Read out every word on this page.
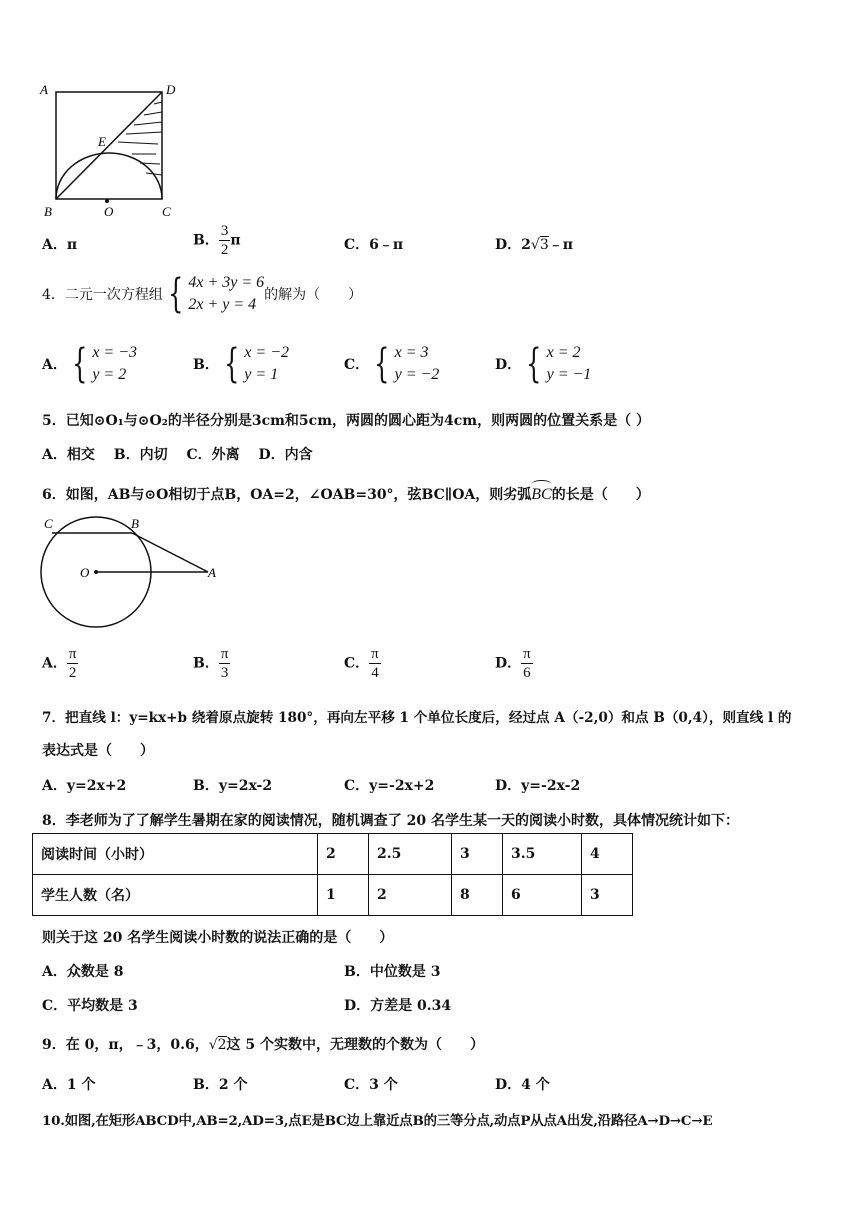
A	D
E
B	O	C
A．π	B． $\frac{3}{2}$ π	C．6﹣π	D．2√3﹣π
4．二元一次方程组 { 4x + 3y = 6
2x + y = 4
的解为（　　）
A． { x = −3
y = 2
B． { x = −2
y = 1
C． { x = 3
y = −2
D． { x = 2
y = −1
5．已知⊙O₁与⊙O₂的半径分别是3cm和5cm，两圆的圆心距为4cm，则两圆的位置关系是（ ）
A．相交　 B．内切　 C．外离　 D．内含
6．如图，AB与⊙O相切于点B，OA=2，∠OAB=30°，弦BC∥OA，则劣弧
BC的长是（　　）
C	B
O	A
A． $\frac{\pi}{2}$	B． $\frac{\pi}{3}$	C． $\frac{\pi}{4}$	D． $\frac{\pi}{6}$
7．把直线 l：y=kx+b 绕着原点旋转 180°，再向左平移 1 个单位长度后，经过点 A（-2,0）和点 B（0,4），则直线 l 的
表达式是（　　）
A．y=2x+2	B．y=2x-2	C．y=-2x+2	D．y=-2x-2
8．李老师为了了解学生暑期在家的阅读情况，随机调查了 20 名学生某一天的阅读小时数，具体情况统计如下：
阅读时间（小时）	2	2.5	3	3.5	4
学生人数（名）	1	2	8	6	3
则关于这 20 名学生阅读小时数的说法正确的是（　　）
A．众数是 8	B．中位数是 3
C．平均数是 3	D．方差是 0.34
9．在 0，π，﹣3，0.6，√2这 5 个实数中，无理数的个数为（　　）
A．1 个	B．2 个	C．3 个	D．4 个
10.如图,在矩形ABCD中,AB=2,AD=3,点E是BC边上靠近点B的三等分点,动点P从点A出发,沿路径A→D→C→E
